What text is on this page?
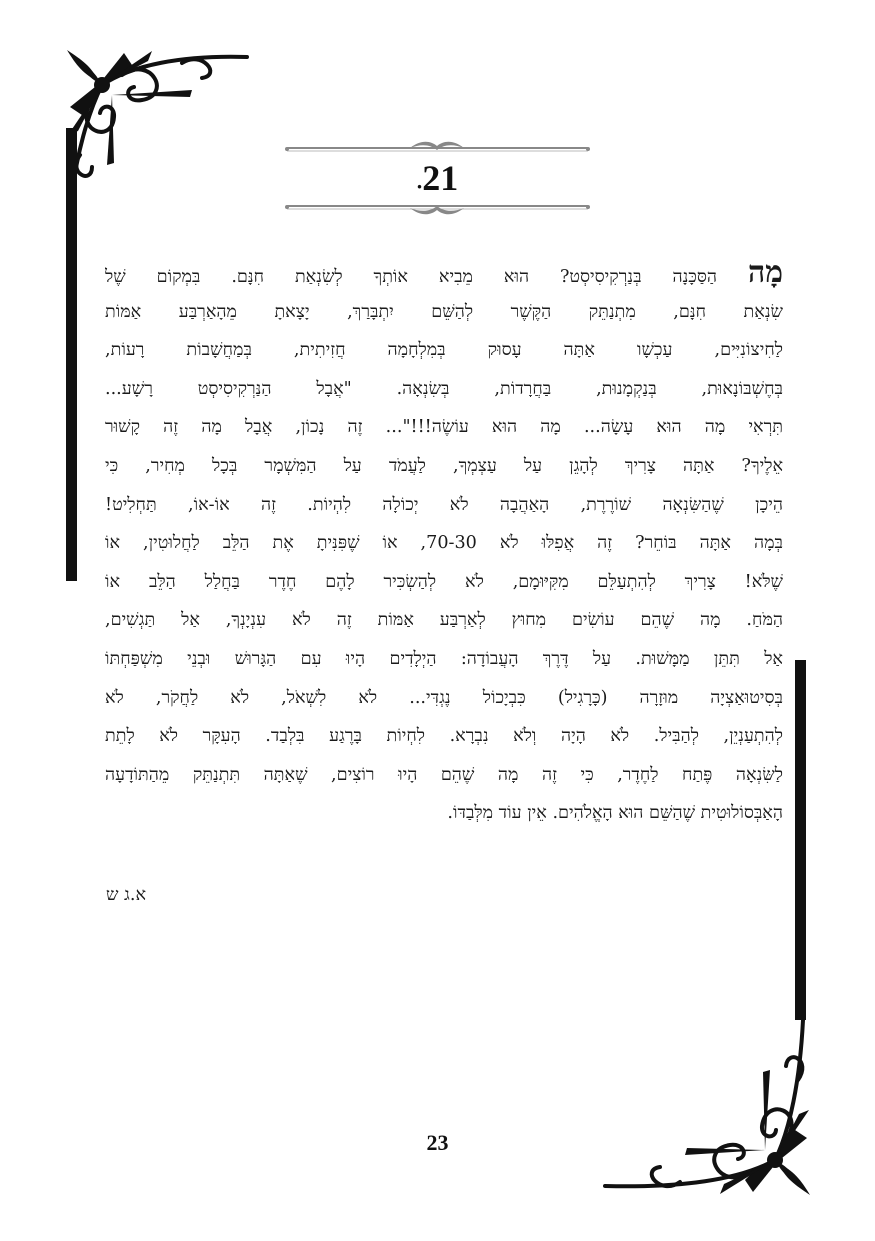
.21
מָה הַסַּכָּנָה בְּנַרְקִיסִיסְט? הוּא מֵבִיא אוֹתְךָ לְשִׂנְאַת חִנָּם. בִּמְקוֹם שֶׁל
שִׂנְאַת חִנָּם, מִתְנַתֵּק הַקֶּשֶׁר לְהַשֵּׁם יִתְבָּרַךְ, יָצָאתָ מֵהָאַרְבַּע אַמּוֹת
לַחִיצוֹנִיִּים, עַכְשָׁו אַתָּה עָסוּק בְּמִלְחָמָה חֲזִיתִית, בְּמַחֲשָׁבוֹת רָעוֹת,
בְּחֶשְׁבּוֹנָאוּת, בְּנַקְמָנוּת, בַּחֲרָדוֹת, בְּשִׂנְאָה. "אֲבָל הַנַּרְקִיסִיסְט רָשָׁע...
תִּרְאִי מָה הוּא עָשָׂה... מָה הוּא עוֹשֶׂה!!!"... זֶה נָכוֹן, אֲבָל מָה זֶה קָשׁוּר
אֵלֶיךָ? אַתָּה צָרִיךְ לְהָגֵן עַל עַצְמְךָ, לַעֲמֹד עַל הַמִּשְׁמָר בְּכָל מְחִיר, כִּי
הֵיכָן שֶׁהַשִּׂנְאָה שׁוֹרֶרֶת, הָאַהֲבָה לֹא יְכוֹלָה לִהְיוֹת. זֶה אוֹ-אוֹ, תַּחְלִיט!
בְּמָה אַתָּה בּוֹחֵר? זֶה אֲפִלּוּ לֹא 70-30, אוֹ שֶׁפִּנִּיתָ אֶת הַלֵּב לַחֲלוּטִין, אוֹ
שֶׁלֹּא! צָרִיךְ לְהִתְעַלֵּם מִקִּיּוּמָם, לֹא לְהַשְׂכִּיר לָהֶם חֶדֶר בַּחֲלַל הַלֵּב אוֹ
הַמֹּחַ. מָה שֶׁהֵם עוֹשִׂים מִחוּץ לְאַרְבַּע אַמּוֹת זֶה לֹא עִנְיָנְךָ, אַל תַּגְשִׁים,
אַל תִּתֵּן מַמָּשׁוּת. עַל דֶּרֶךְ הָעֲבוֹדָה: הַיְלָדִים הָיוּ עִם הַגָּרוּשׁ וּבְנֵי מִשְׁפַּחְתּוֹ
בְּסִיטוּאַצְיָה מוּזָרָה (כָּרָגִיל) כִּבְיָכוֹל נֶגְדִּי... לֹא לִשְׁאֹל, לֹא לַחֲקֹר, לֹא
לְהִתְעַנְיֵן, לְהַבִּיל. לֹא הָיָה וְלֹא נִבְרָא. לִחְיוֹת בָּרֶגַע בִּלְבַד. הָעִקָּר לֹא לָתֵת
לַשִּׂנְאָה פֶּתַח לַחֶדֶר, כִּי זֶה מָה שֶׁהֵם הָיוּ רוֹצִים, שֶׁאַתָּה תִּתְנַתֵּק מֵהַתּוֹדָעָה
הָאַבְּסוֹלוּטִית שֶׁהַשֵּׁם הוּא הָאֱלֹהִים. אֵין עוֹד מִלְּבַדּוֹ.
א.ג ש
23
